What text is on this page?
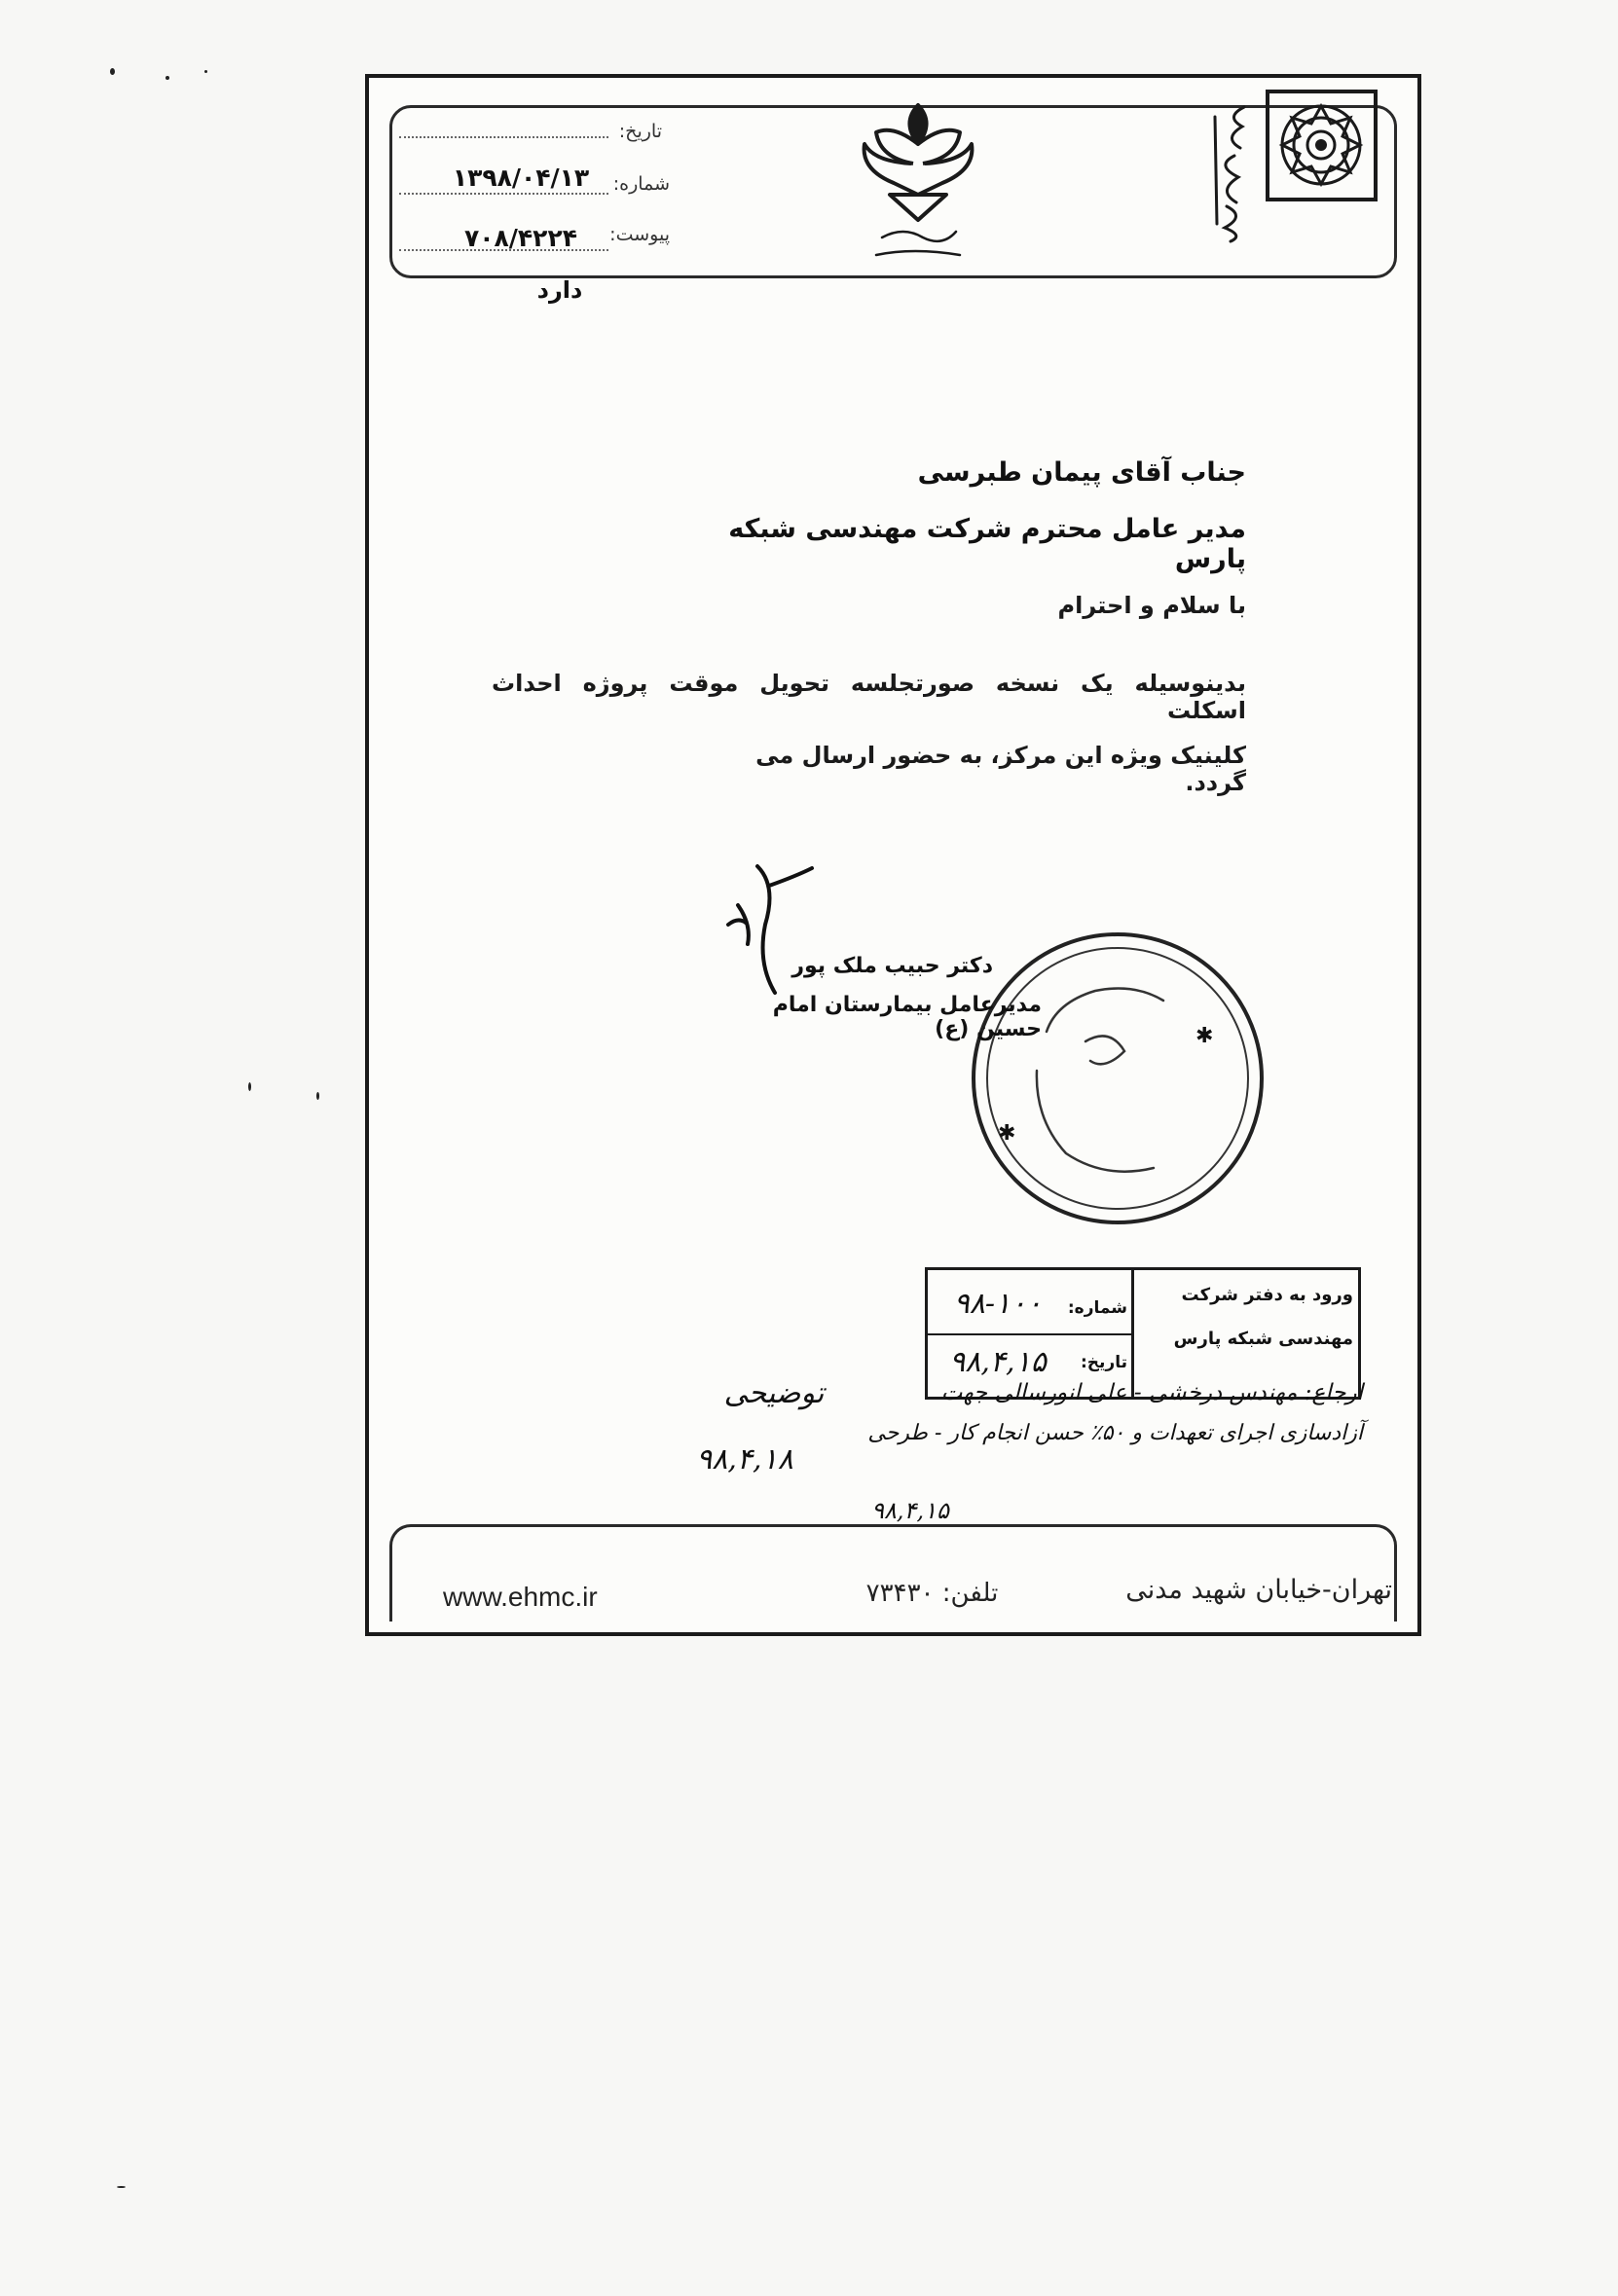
تاریخ:
شماره:
۱۳۹۸/۰۴/۱۳
پیوست:
۷۰۸/۴۲۲۴
دارد
جناب آقای پیمان طبرسی
مدیر عامل محترم شرکت مهندسی شبکه پارس
با سلام و احترام
بدینوسیله یک نسخه صورتجلسه تحویل موقت پروژه احداث اسکلت
کلینیک ویژه این مرکز، به حضور ارسال می گردد.
✱
✱
دکتر حبیب ملک پور
مدیرعامل بیمارستان امام حسین (ع)
ورود به دفتر شرکت
مهندسی شبکه پارس
شماره:
تاریخ:
۹۸-۱۰۰
۹۸,۴,۱۵
ارجاع: مهندس درخشی - علی انورسالی جهت
آزادسازی اجرای تعهدات و ۵۰٪ حسن انجام کار - طرحی
۹۸,۴,۱۵
توضیحی
۹۸,۴,۱۸
www.ehmc.ir	تلفن: ۷۳۴۳۰	تهران-خیابان شهید مدنی
